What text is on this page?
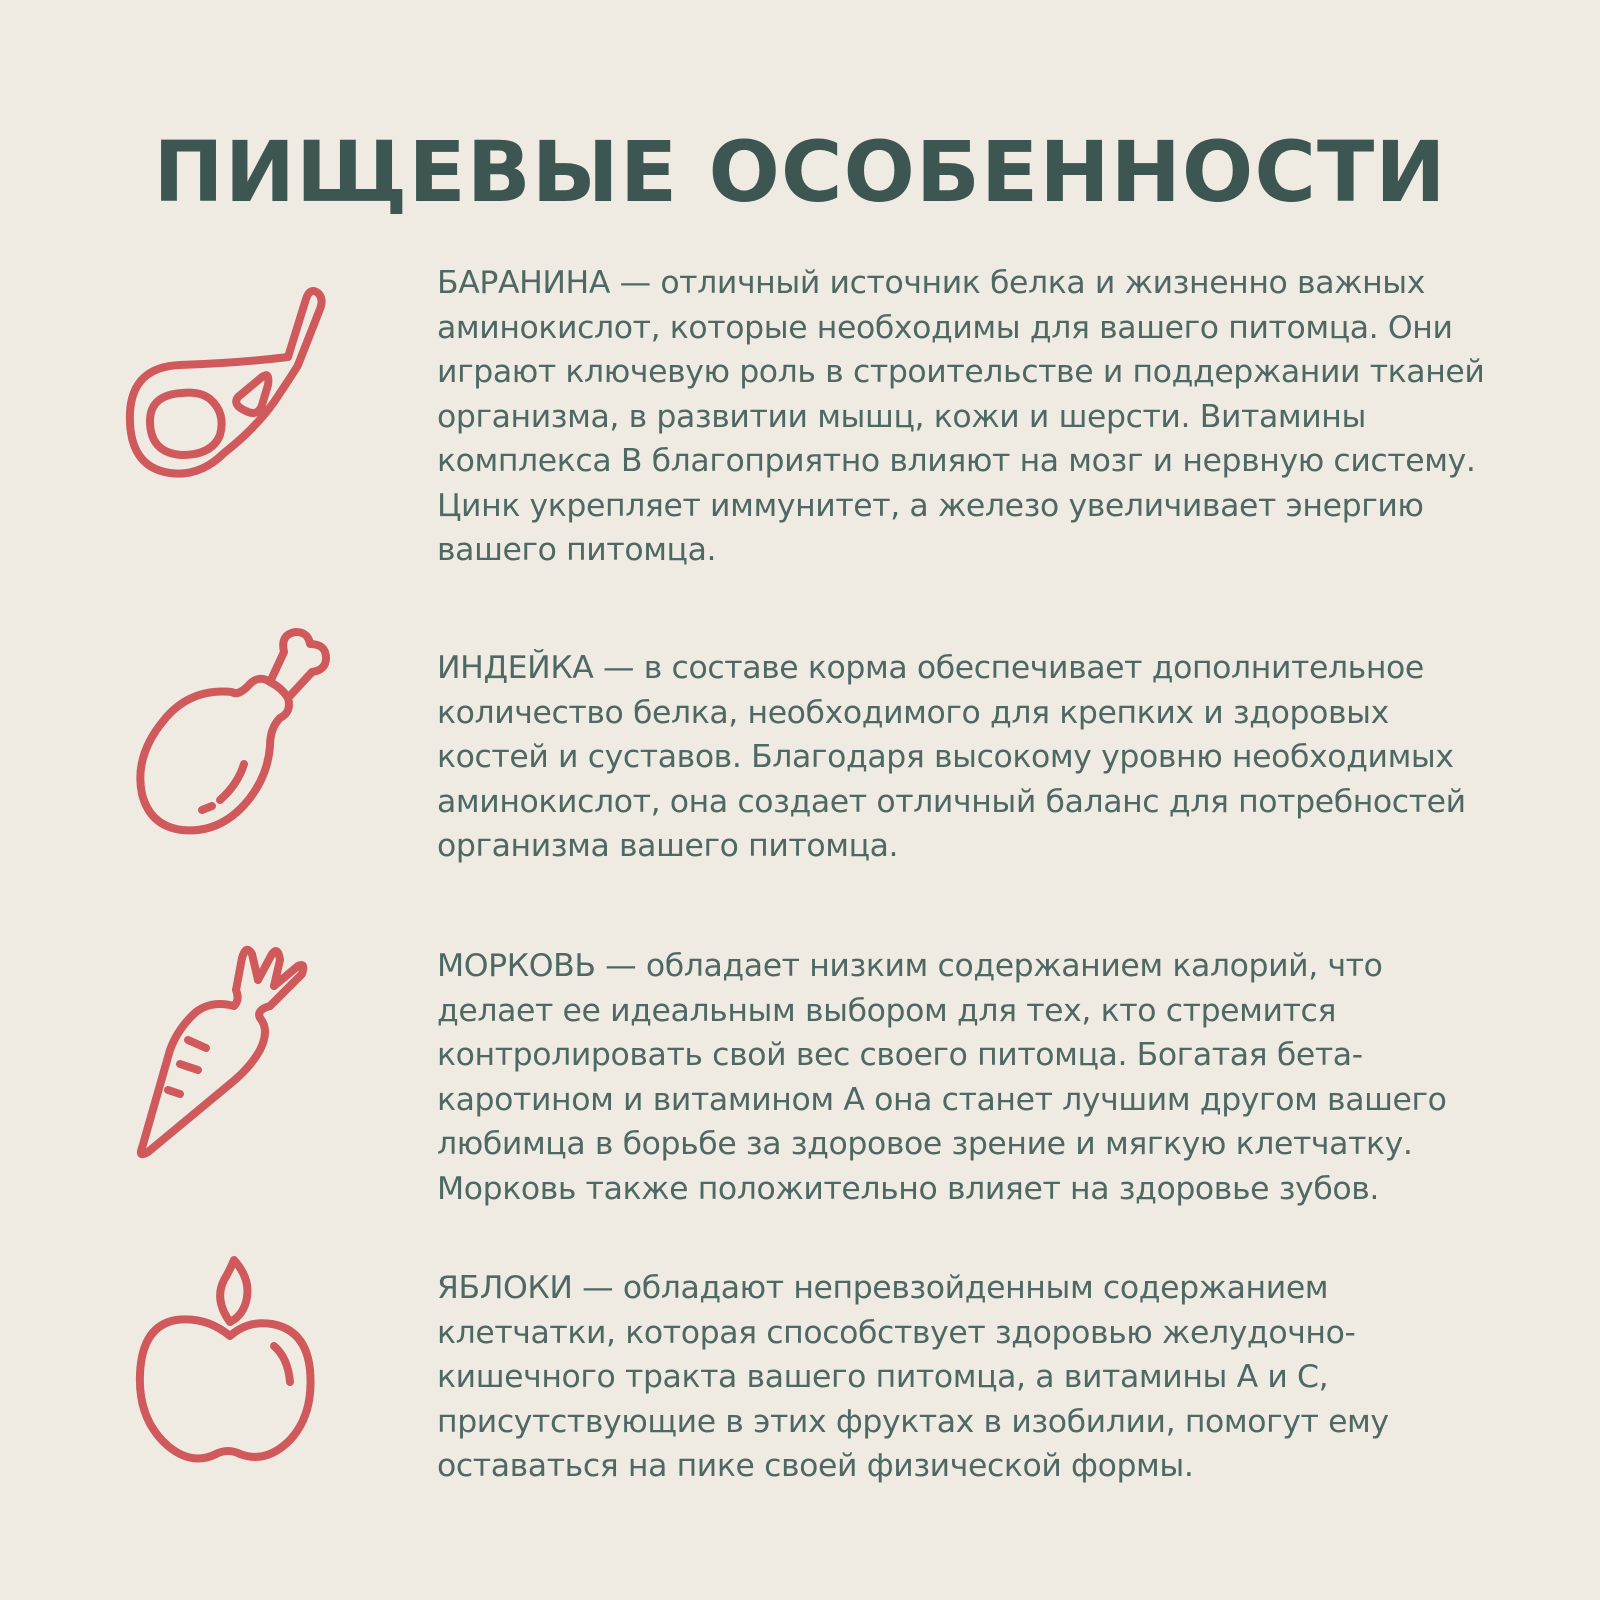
ПИЩЕВЫЕ ОСОБЕННОСТИ

БАРАНИНА — отличный источник белка и жизненно важных аминокислот, которые необходимы для вашего питомца. Они играют ключевую роль в строительстве и поддержании тканей организма, в развитии мышц, кожи и шерсти. Витамины комплекса В благоприятно влияют на мозг и нервную систему. Цинк укрепляет иммунитет, а железо увеличивает энергию вашего питомца.

ИНДЕЙКА — в составе корма обеспечивает дополнительное количество белка, необходимого для крепких и здоровых костей и суставов. Благодаря высокому уровню необходимых аминокислот, она создает отличный баланс для потребностей организма вашего питомца.

МОРКОВЬ — обладает низким содержанием калорий, что делает ее идеальным выбором для тех, кто стремится контролировать свой вес своего питомца. Богатая бета-каротином и витамином А она станет лучшим другом вашего любимца в борьбе за здоровое зрение и мягкую клетчатку. Морковь также положительно влияет на здоровье зубов.

ЯБЛОКИ — обладают непревзойденным содержанием клетчатки, которая способствует здоровью желудочно-кишечного тракта вашего питомца, а витамины А и С, присутствующие в этих фруктах в изобилии, помогут ему оставаться на пике своей физической формы.
